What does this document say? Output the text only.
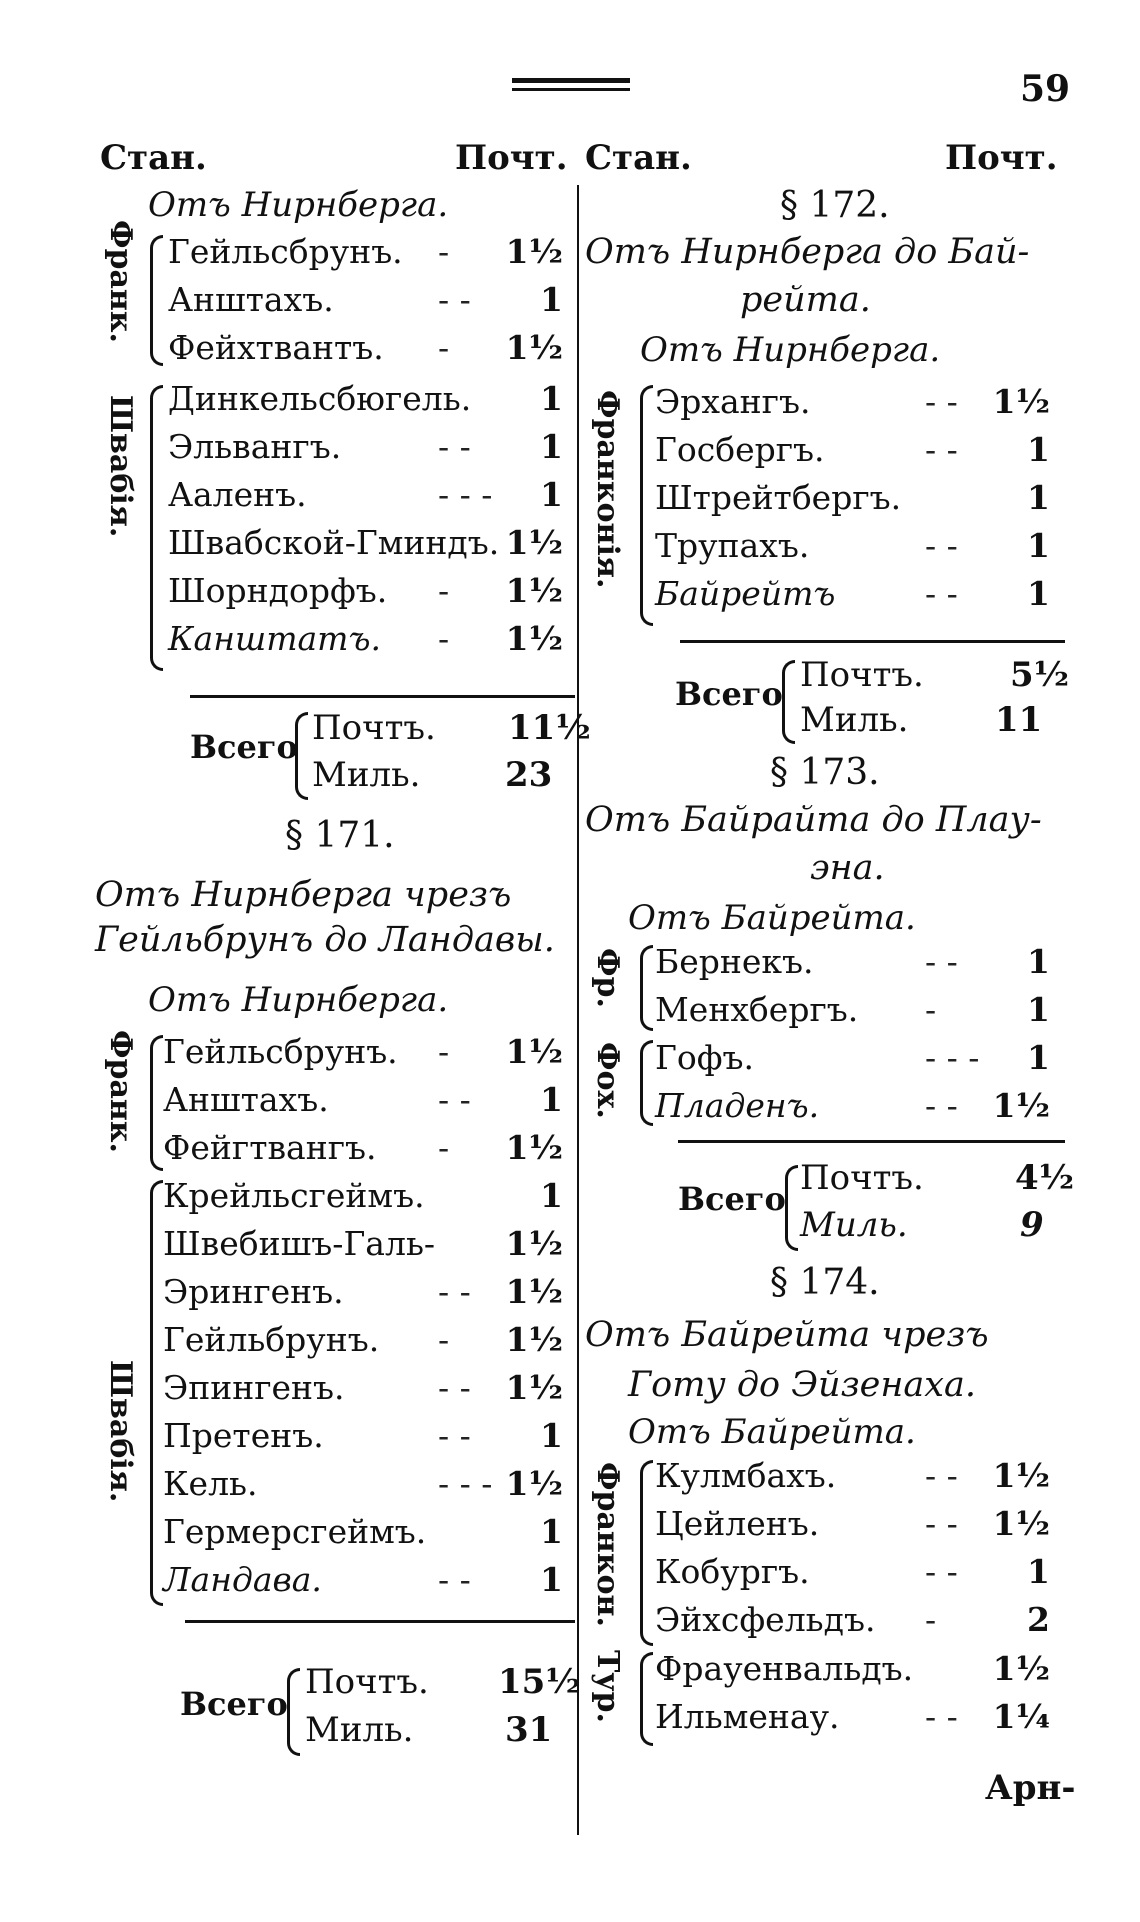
59
Стан.	Почт. Стан.	Почт.
Отъ Нирнберга.
Франк. Гейльсбрунъ. - 1½
Анштахъ.	- -	1
Фейхтвантъ. - 1½
Швабія. Динкельсбюгель.	1
Эльвангъ.	- -	1
Ааленъ.	- - -	1
Швабской-Гминдъ. 1½
Шорндорфъ. - 1½
Канштатъ. - 1½
Всего Почтъ. 11½
Миль. 23
§ 171.
Отъ Нирнберга чрезъ
Гейльбрунъ до Ландавы.
Отъ Нирнберга.
Франк. Гейльсбрунъ. - 1½
Анштахъ.	- -	1
Фейгтвангъ. - 1½
Швабія.
Крейльсгеймъ.	1
Швебишъ-Галь- 1½
Эрингенъ.	- - 1½
Гейльбрунъ. - 1½
Эпингенъ.	- - 1½
Претенъ.	- -	1
Кель.	- - - 1½
Гермерсгеймъ.	1
Ландава.	- -	1
Всего
Почтъ. 15½
Миль.	31
§ 172.
Отъ Нирнберга до Бай-
рейта.
Отъ Нирнберга.
Франконія. Эрхангъ.	- - 1½
Госбергъ.	- -	1
Штрейтбергъ.	1
Трупахъ.	- -	1
Байрейтъ	- -	1
Всего Почтъ.	5½
Миль.	11
§ 173.
Отъ Байрайта до Плау-
эна.
Отъ Байрейта.
Фр. Бернекъ.	- -	1
Менхбергъ. -	1
Фох. Гофъ.	- - -	1
Пладенъ.	- - 1½
Всего
Почтъ.	4½
Миль.	9
§ 174.
Отъ Байрейта чрезъ
Готу до Эйзенаха.
Отъ Байрейта.
Франкон. Кулмбахъ.	- - 1½
Цейленъ.	- - 1½
Кобургъ.	- -	1
Эйхсфельдъ. -	2
Тур. Фрауенвальдъ. 1½
Ильменау.	- - 1¼
Арн-
